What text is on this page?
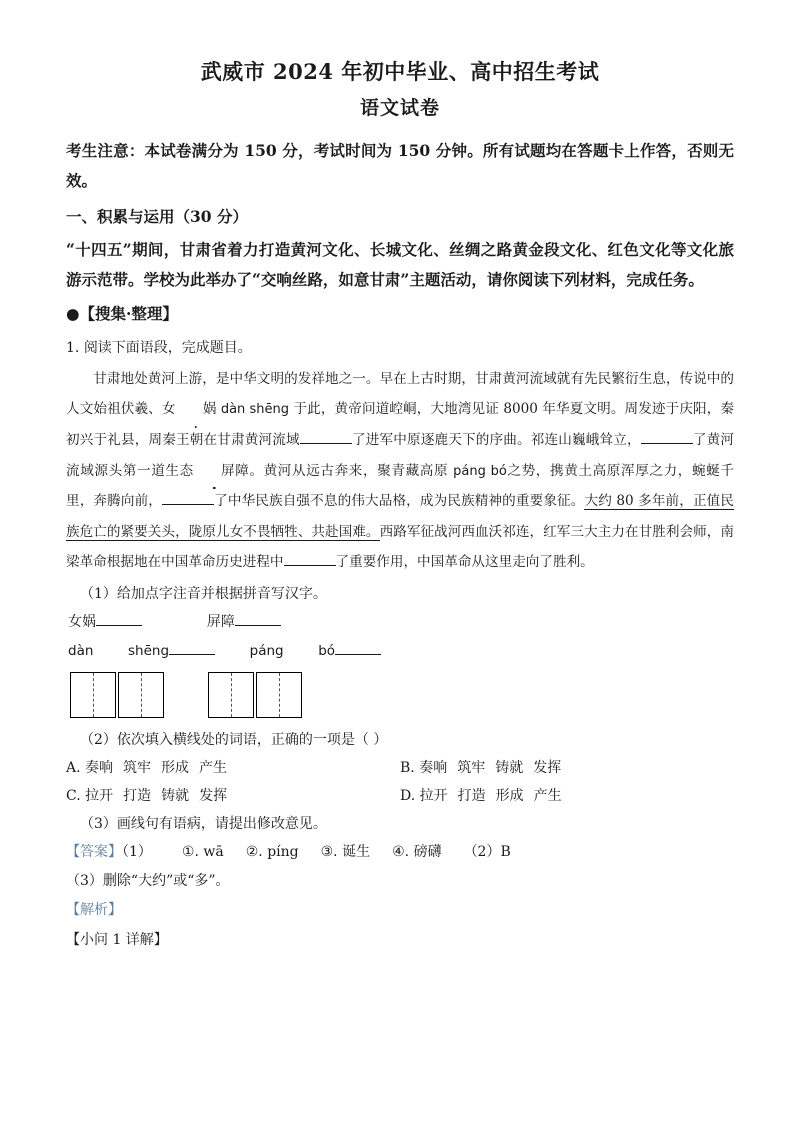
武威市 2024 年初中毕业、高中招生考试
语文试卷

考生注意：本试卷满分为 150 分，考试时间为 150 分钟。所有试题均在答题卡上作答，否则无效。

一、积累与运用（30 分）

“十四五”期间，甘肃省着力打造黄河文化、长城文化、丝绸之路黄金段文化、红色文化等文化旅游示范带。学校为此举办了“交响丝路，如意甘肃”主题活动，请你阅读下列材料，完成任务。

●【搜集·整理】

1. 阅读下面语段，完成题目。

甘肃地处黄河上游，是中华文明的发祥地之一。早在上古时期，甘肃黄河流域就有先民繁衍生息，传说中的人文始祖伏羲、女 娲 dàn shēng 于此，黄帝问道崆峒，大地湾见证 8000 年华夏文明。周发迹于庆阳，秦初兴于礼县，周秦王朝在甘肃黄河流域	了进军中原逐鹿天下的序曲。祁连山巍峨耸立，	了黄河流域源头第一道生态 屏障。黄河从远古奔来，聚青藏高原 páng bó之势，携黄土高原浑厚之力，蜿蜒千里，奔腾向前，	了中华民族自强不息的伟大品格，成为民族精神的重要象征。大约 80 多年前，正值民族危亡的紧要关头，陇原儿女不畏牺牲、共赴国难。西路军征战河西血沃祁连，红军三大主力在甘胜利会师，南梁革命根据地在中国革命历史进程中	了重要作用，中国革命从这里走向了胜利。

（1）给加点字注音并根据拼音写汉字。

女娲	屏障

dàn	shēng	páng	bó

（2）依次填入横线处的词语，正确的一项是（ ）

A. 奏响 筑牢 形成 产生	B. 奏响 筑牢 铸就 发挥
C. 拉开 打造 铸就 发挥	D. 拉开 打造 形成 产生

（3）画线句有语病，请提出修改意见。

【答案】（1） ①. wā ②. píng ③. 诞生 ④. 磅礴 （2）B

（3）删除“大约”或“多”。

【解析】

【小问 1 详解】
